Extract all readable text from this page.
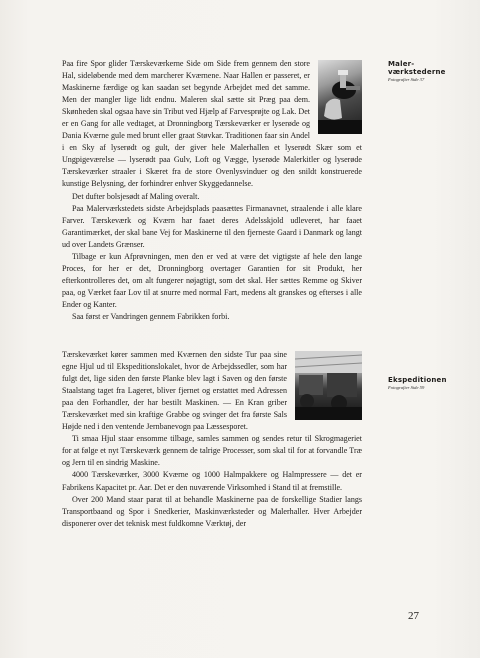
Paa fire Spor glider Tærskeværkerne Side om Side frem gennem den store Hal, sideløbende med dem marcherer Kværnene. Naar Hallen er passeret, er Maskinerne færdige og kan saadan set begynde Arbejdet med det samme. Men der mangler lige lidt endnu. Maleren skal sætte sit Præg paa dem. Skønheden skal ogsaa have sin Tribut ved Hjælp af Farvesprøjte og Lak. Det er en Gang for alle vedtaget, at Dronningborg Tærskeværker er lyserøde og Dania Kværne gule med brunt eller graat Støvkar. Traditionen faar sin Andel i en Sky af lyserødt og gult, der giver hele Malerhallen et lyserødt Skær som et Ungpigeværelse — lyserødt paa Gulv, Loft og Vægge, lyserøde Malerkitler og lyserøde Tærskeværker straaler i Skæret fra de store Ovenlysvinduer og den snildt konstruerede kunstige Belysning, der forhindrer enhver Skyggedannelse.

Det dufter bolsjesødt af Maling overalt.

Paa Malerværkstedets sidste Arbejdsplads paasættes Firmanavnet, straalende i alle klare Farver. Tærskeværk og Kværn har faaet deres Adelsskjold udleveret, har faaet Garantimærket, der skal bane Vej for Maskinerne til den fjerneste Gaard i Danmark og langt ud over Landets Grænser.

Tilbage er kun Afprøvningen, men den er ved at være det vigtigste af hele den lange Proces, for her er det, Dronningborg overtager Garantien for sit Produkt, her efterkontrolleres det, om alt fungerer nøjagtigt, som det skal. Her sættes Remme og Skiver paa, og Værket faar Lov til at snurre med normal Fart, medens alt granskes og efterses i alle Ender og Kanter.

Saa først er Vandringen gennem Fabrikken forbi.

Tærskeværket kører sammen med Kværnen den sidste Tur paa sine egne Hjul ud til Ekspeditionslokalet, hvor de Arbejdssedler, som har fulgt det, lige siden den første Planke blev lagt i Saven og den første Staalstang taget fra Lageret, bliver fjernet og erstattet med Adressen paa den Forhandler, der har bestilt Maskinen. — En Kran griber Tærskeværket med sin kraftige Grabbe og svinger det fra første Sals Højde ned i den ventende Jernbanevogn paa Læssesporet.

Ti smaa Hjul staar ensomme tilbage, samles sammen og sendes retur til Skrogmageriet for at følge et nyt Tærskeværk gennem de talrige Processer, som skal til for at forvandle Træ og Jern til en sindrig Maskine.

4000 Tærskeværker, 3000 Kværne og 1000 Halmpakkere og Halmpressere — det er Fabrikens Kapacitet pr. Aar. Det er den nuværende Virksomhed i Stand til at fremstille.

Over 200 Mand staar parat til at behandle Maskinerne paa de forskellige Stadier langs Transportbaand og Spor i Snedkerier, Maskinværksteder og Malerhaller. Hver Arbejder disponerer over det teknisk mest fuldkomne Værktøj, der

Maler-
værkstederne
Fotografier Side 37
Ekspeditionen
Fotografier Side 59
27
